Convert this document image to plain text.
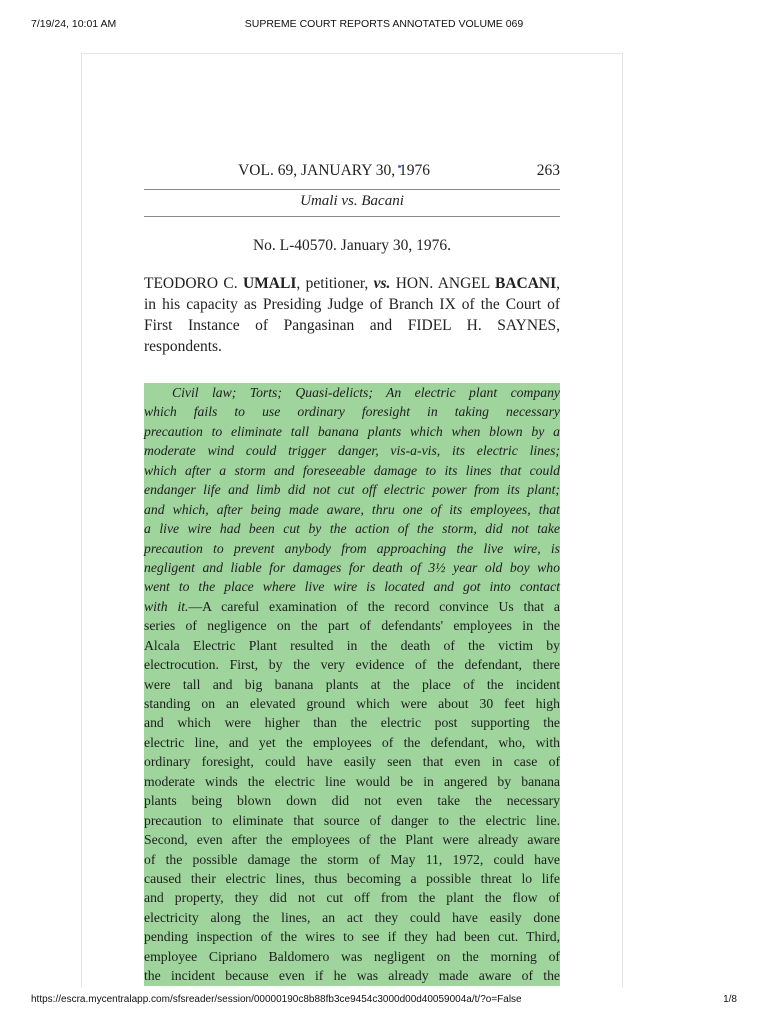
7/19/24, 10:01 AM	SUPREME COURT REPORTS ANNOTATED VOLUME 069
VOL. 69, JANUARY 30, 1976	263
Umali vs. Bacani
No. L-40570. January 30, 1976.
TEODORO C. UMALI, petitioner, vs. HON. ANGEL BACANI, in his capacity as Presiding Judge of Branch IX of the Court of First Instance of Pangasinan and FIDEL H. SAYNES, respondents.
Civil law; Torts; Quasi-delicts; An electric plant company
which fails to use ordinary foresight in taking necessary
precaution to eliminate tall banana plants which when blown by a
moderate wind could trigger danger, vis-a-vis, its electric lines;
which after a storm and foreseeable damage to its lines that could
endanger life and limb did not cut off electric power from its plant;
and which, after being made aware, thru one of its employees, that
a live wire had been cut by the action of the storm, did not take
precaution to prevent anybody from approaching the live wire, is
negligent and liable for damages for death of 3½ year old boy who
went to the place where live wire is located and got into contact
with it.—A careful examination of the record convince Us that a
series of negligence on the part of defendants' employees in the
Alcala Electric Plant resulted in the death of the victim by
electrocution. First, by the very evidence of the defendant, there
were tall and big banana plants at the place of the incident
standing on an elevated ground which were about 30 feet high
and which were higher than the electric post supporting the
electric line, and yet the employees of the defendant, who, with
ordinary foresight, could have easily seen that even in case of
moderate winds the electric line would be in angered by banana
plants being blown down did not even take the necessary
precaution to eliminate that source of danger to the electric line.
Second, even after the employees of the Plant were already aware
of the possible damage the storm of May 11, 1972, could have
caused their electric lines, thus becoming a possible threat lo life
and property, they did not cut off from the plant the flow of
electricity along the lines, an act they could have easily done
pending inspection of the wires to see if they had been cut. Third,
employee Cipriano Baldomero was negligent on the morning of
the incident because even if he was already made aware of the
https://escra.mycentralapp.com/sfsreader/session/00000190c8b88fb3ce9454c3000d00d40059004a/t/?o=False	1/8
